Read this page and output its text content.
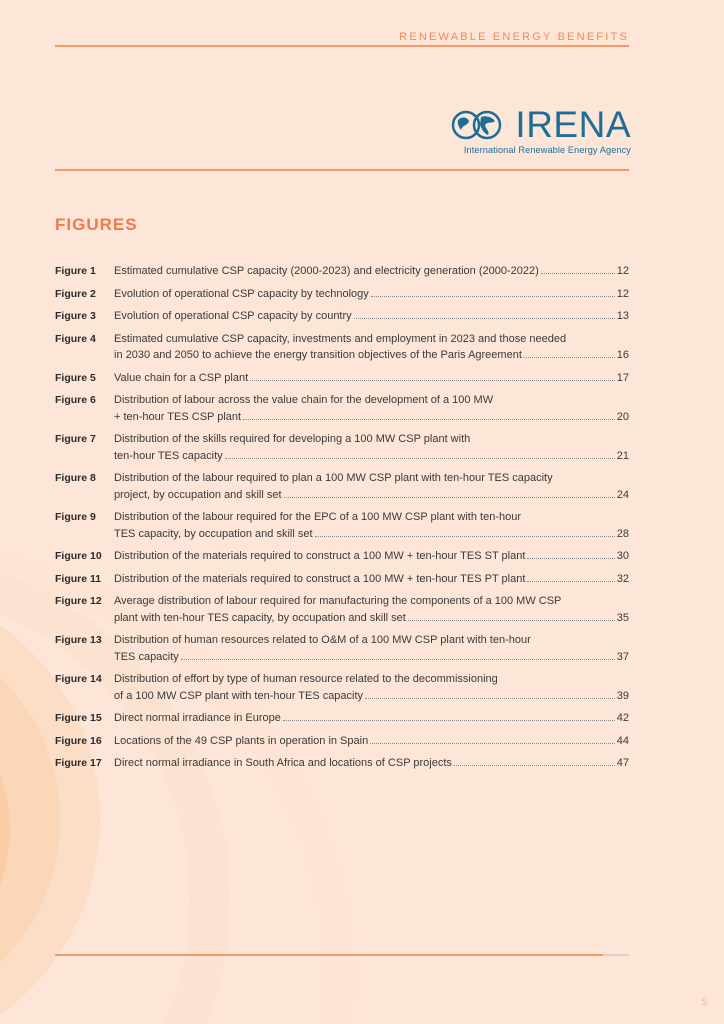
RENEWABLE ENERGY BENEFITS
IRENA
International Renewable Energy Agency
FIGURES
Figure 1	Estimated cumulative CSP capacity (2000-2023) and electricity generation (2000-2022)	12
Figure 2	Evolution of operational CSP capacity by technology	12
Figure 3	Evolution of operational CSP capacity by country	13
Figure 4	Estimated cumulative CSP capacity, investments and employment in 2023 and those needed
in 2030 and 2050 to achieve the energy transition objectives of the Paris Agreement	16
Figure 5	Value chain for a CSP plant	17
Figure 6	Distribution of labour across the value chain for the development of a 100 MW
+ ten-hour TES CSP plant	20
Figure 7	Distribution of the skills required for developing a 100 MW CSP plant with
ten-hour TES capacity	21
Figure 8	Distribution of the labour required to plan a 100 MW CSP plant with ten-hour TES capacity
project, by occupation and skill set	24
Figure 9	Distribution of the labour required for the EPC of a 100 MW CSP plant with ten-hour
TES capacity, by occupation and skill set	28
Figure 10	Distribution of the materials required to construct a 100 MW + ten-hour TES ST plant	30
Figure 11	Distribution of the materials required to construct a 100 MW + ten-hour TES PT plant	32
Figure 12	Average distribution of labour required for manufacturing the components of a 100 MW CSP
plant with ten-hour TES capacity, by occupation and skill set	35
Figure 13	Distribution of human resources related to O&M of a 100 MW CSP plant with ten-hour
TES capacity	37
Figure 14	Distribution of effort by type of human resource related to the decommissioning
of a 100 MW CSP plant with ten-hour TES capacity	39
Figure 15	Direct normal irradiance in Europe	42
Figure 16	Locations of the 49 CSP plants in operation in Spain	44
Figure 17	Direct normal irradiance in South Africa and locations of CSP projects	47
5
